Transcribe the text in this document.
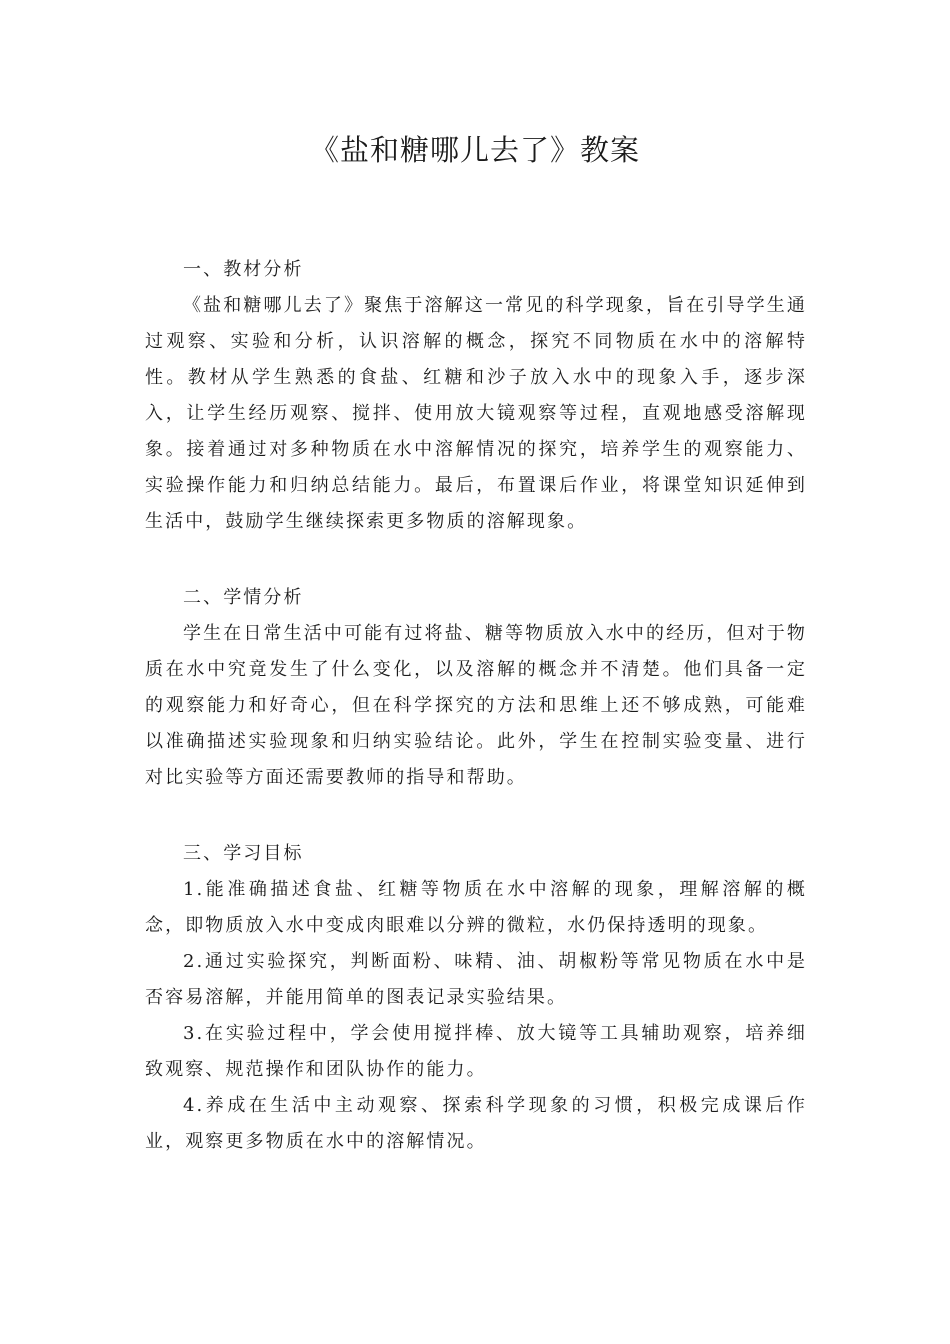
《盐和糖哪儿去了》教案
一、教材分析

《盐和糖哪儿去了》聚焦于溶解这一常见的科学现象，旨在引导学生通过观察、实验和分析，认识溶解的概念，探究不同物质在水中的溶解特性。教材从学生熟悉的食盐、红糖和沙子放入水中的现象入手，逐步深入，让学生经历观察、搅拌、使用放大镜观察等过程，直观地感受溶解现象。接着通过对多种物质在水中溶解情况的探究，培养学生的观察能力、实验操作能力和归纳总结能力。最后，布置课后作业，将课堂知识延伸到生活中，鼓励学生继续探索更多物质的溶解现象。

二、学情分析

学生在日常生活中可能有过将盐、糖等物质放入水中的经历，但对于物质在水中究竟发生了什么变化，以及溶解的概念并不清楚。他们具备一定的观察能力和好奇心，但在科学探究的方法和思维上还不够成熟，可能难以准确描述实验现象和归纳实验结论。此外，学生在控制实验变量、进行对比实验等方面还需要教师的指导和帮助。

三、学习目标

1.能准确描述食盐、红糖等物质在水中溶解的现象，理解溶解的概念，即物质放入水中变成肉眼难以分辨的微粒，水仍保持透明的现象。

2.通过实验探究，判断面粉、味精、油、胡椒粉等常见物质在水中是否容易溶解，并能用简单的图表记录实验结果。

3.在实验过程中，学会使用搅拌棒、放大镜等工具辅助观察，培养细致观察、规范操作和团队协作的能力。

4.养成在生活中主动观察、探索科学现象的习惯，积极完成课后作业，观察更多物质在水中的溶解情况。
